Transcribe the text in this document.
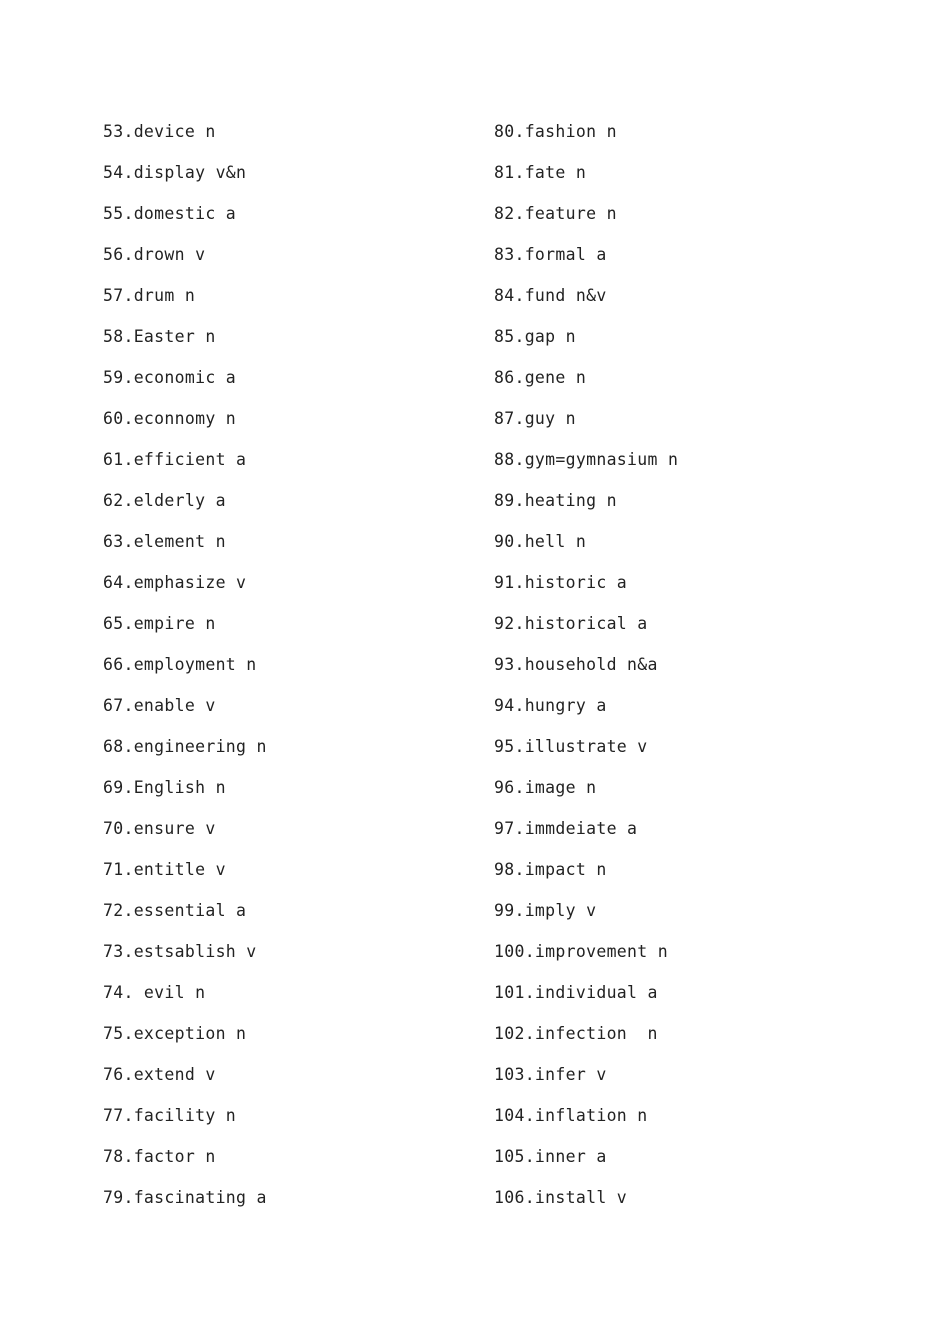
53.device n
54.display v&n
55.domestic a
56.drown v
57.drum n
58.Easter n
59.economic a
60.econnomy n
61.efficient a
62.elderly a
63.element n
64.emphasize v
65.empire n
66.employment n
67.enable v
68.engineering n
69.English n
70.ensure v
71.entitle v
72.essential a
73.estsablish v
74. evil n
75.exception n
76.extend v
77.facility n
78.factor n
79.fascinating a
80.fashion n
81.fate n
82.feature n
83.formal a
84.fund n&v
85.gap n
86.gene n
87.guy n
88.gym=gymnasium n
89.heating n
90.hell n
91.historic a
92.historical a
93.household n&a
94.hungry a
95.illustrate v
96.image n
97.immdeiate a
98.impact n
99.imply v
100.improvement n
101.individual a
102.infection  n
103.infer v
104.inflation n
105.inner a
106.install v
